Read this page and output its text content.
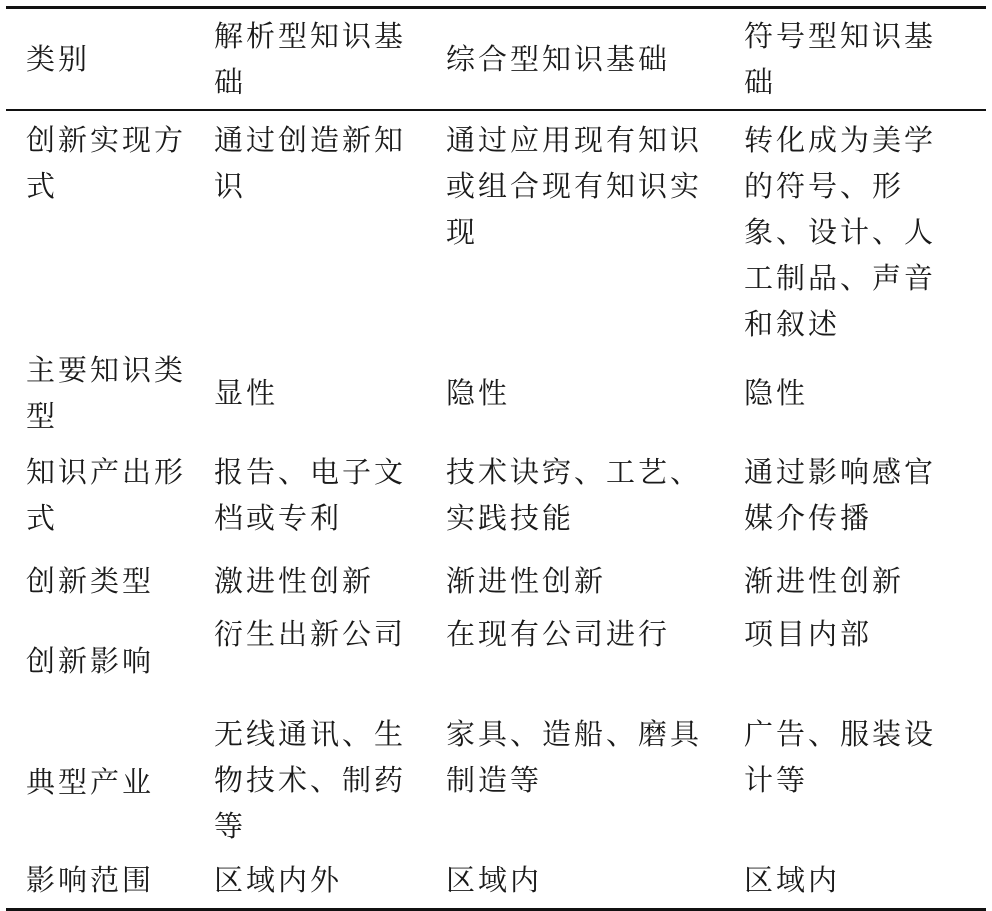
类别	解析型知识基础	综合型知识基础	符号型知识基础
创新实现方式	通过创造新知识	通过应用现有知识或组合现有知识实现	转化成为美学的符号、形象、设计、人工制品、声音和叙述
主要知识类型	显性	隐性	隐性
知识产出形式	报告、电子文档或专利	技术诀窍、工艺、实践技能	通过影响感官媒介传播
创新类型	激进性创新	渐进性创新	渐进性创新
创新影响	衍生出新公司	在现有公司进行	项目内部
典型产业	无线通讯、生物技术、制药等	家具、造船、磨具制造等	广告、服装设计等
影响范围	区域内外	区域内	区域内
